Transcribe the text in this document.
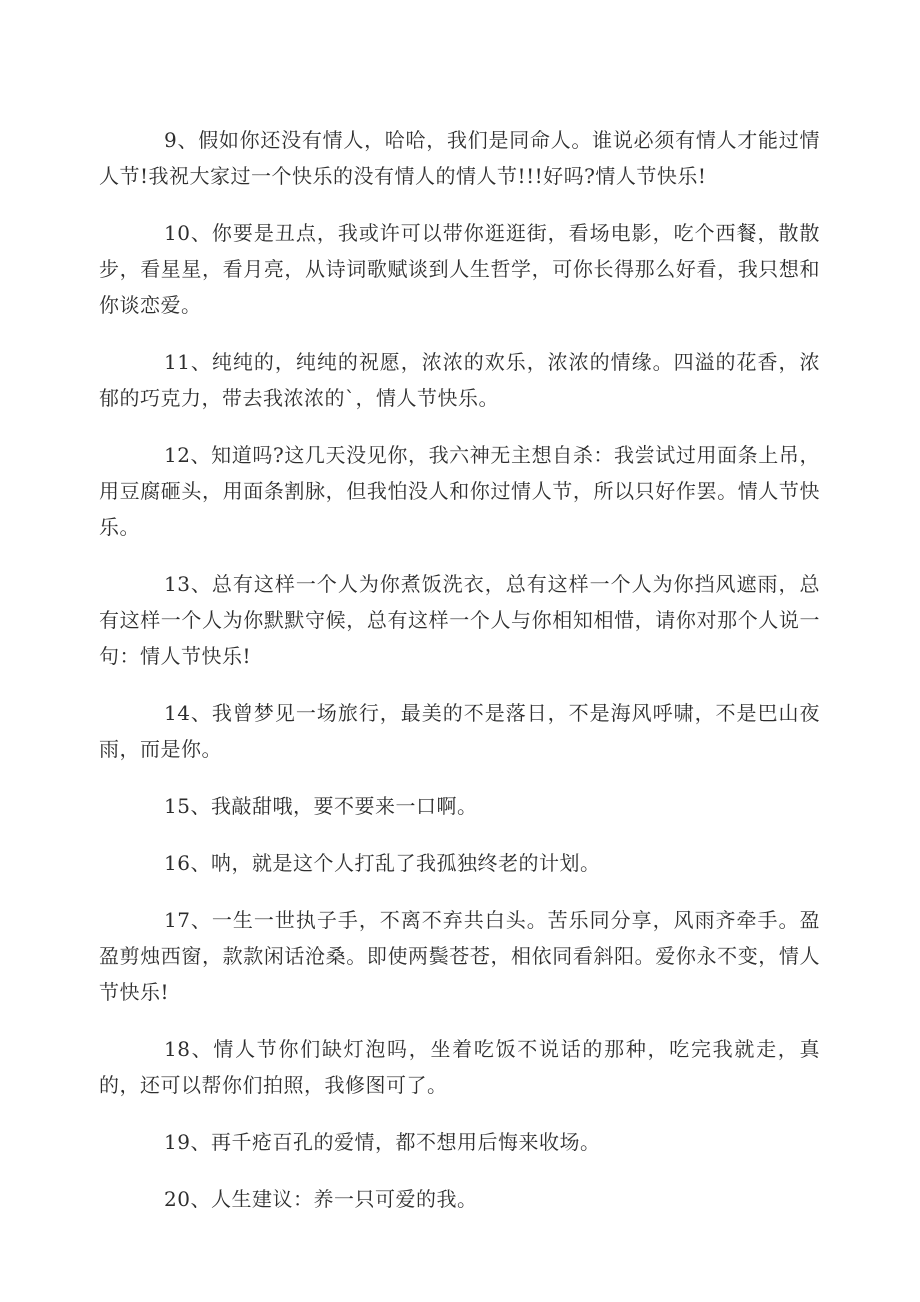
9、假如你还没有情人，哈哈，我们是同命人。谁说必须有情人才能过情人节!我祝大家过一个快乐的没有情人的情人节!!!好吗?情人节快乐!

10、你要是丑点，我或许可以带你逛逛街，看场电影，吃个西餐，散散步，看星星，看月亮，从诗词歌赋谈到人生哲学，可你长得那么好看，我只想和你谈恋爱。

11、纯纯的，纯纯的祝愿，浓浓的欢乐，浓浓的情缘。四溢的花香，浓郁的巧克力，带去我浓浓的`，情人节快乐。

12、知道吗?这几天没见你，我六神无主想自杀：我尝试过用面条上吊，用豆腐砸头，用面条割脉，但我怕没人和你过情人节，所以只好作罢。情人节快乐。

13、总有这样一个人为你煮饭洗衣，总有这样一个人为你挡风遮雨，总有这样一个人为你默默守候，总有这样一个人与你相知相惜，请你对那个人说一句：情人节快乐!

14、我曾梦见一场旅行，最美的不是落日，不是海风呼啸，不是巴山夜雨，而是你。

15、我敲甜哦，要不要来一口啊。

16、呐，就是这个人打乱了我孤独终老的计划。

17、一生一世执子手，不离不弃共白头。苦乐同分享，风雨齐牵手。盈盈剪烛西窗，款款闲话沧桑。即使两鬓苍苍，相依同看斜阳。爱你永不变，情人节快乐!

18、情人节你们缺灯泡吗，坐着吃饭不说话的那种，吃完我就走，真的，还可以帮你们拍照，我修图可了。

19、再千疮百孔的爱情，都不想用后悔来收场。

20、人生建议：养一只可爱的我。
